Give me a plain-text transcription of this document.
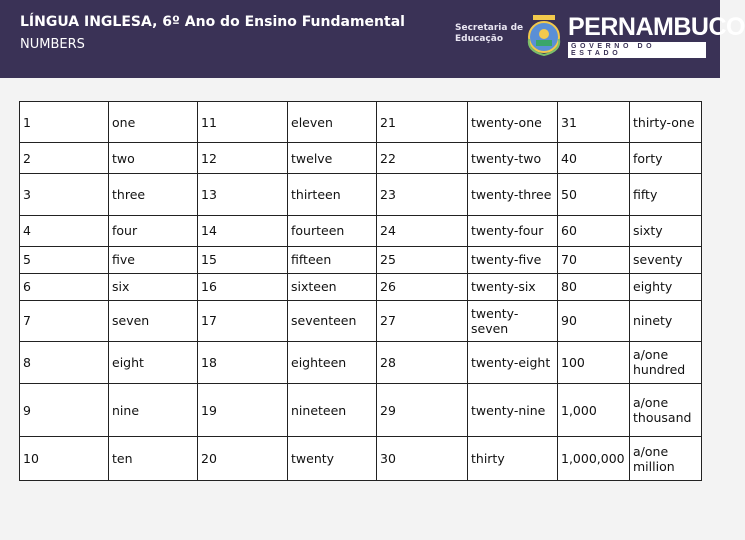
LÍNGUA INGLESA, 6º Ano do Ensino Fundamental
NUMBERS
Secretaria de
Educação	PERNAMBUCO
GOVERNO DO ESTADO
1	one	11	eleven	21	twenty-one	31	thirty-one
2	two	12	twelve	22	twenty-two	40	forty
3	three	13	thirteen	23	twenty-three	50	fifty
4	four	14	fourteen	24	twenty-four	60	sixty
5	five	15	fifteen	25	twenty-five	70	seventy
6	six	16	sixteen	26	twenty-six	80	eighty
7	seven	17	seventeen	27	twenty-seven	90	ninety
8	eight	18	eighteen	28	twenty-eight	100	a/one hundred
9	nine	19	nineteen	29	twenty-nine	1,000	a/one thousand
10	ten	20	twenty	30	thirty	1,000,000	a/one million
